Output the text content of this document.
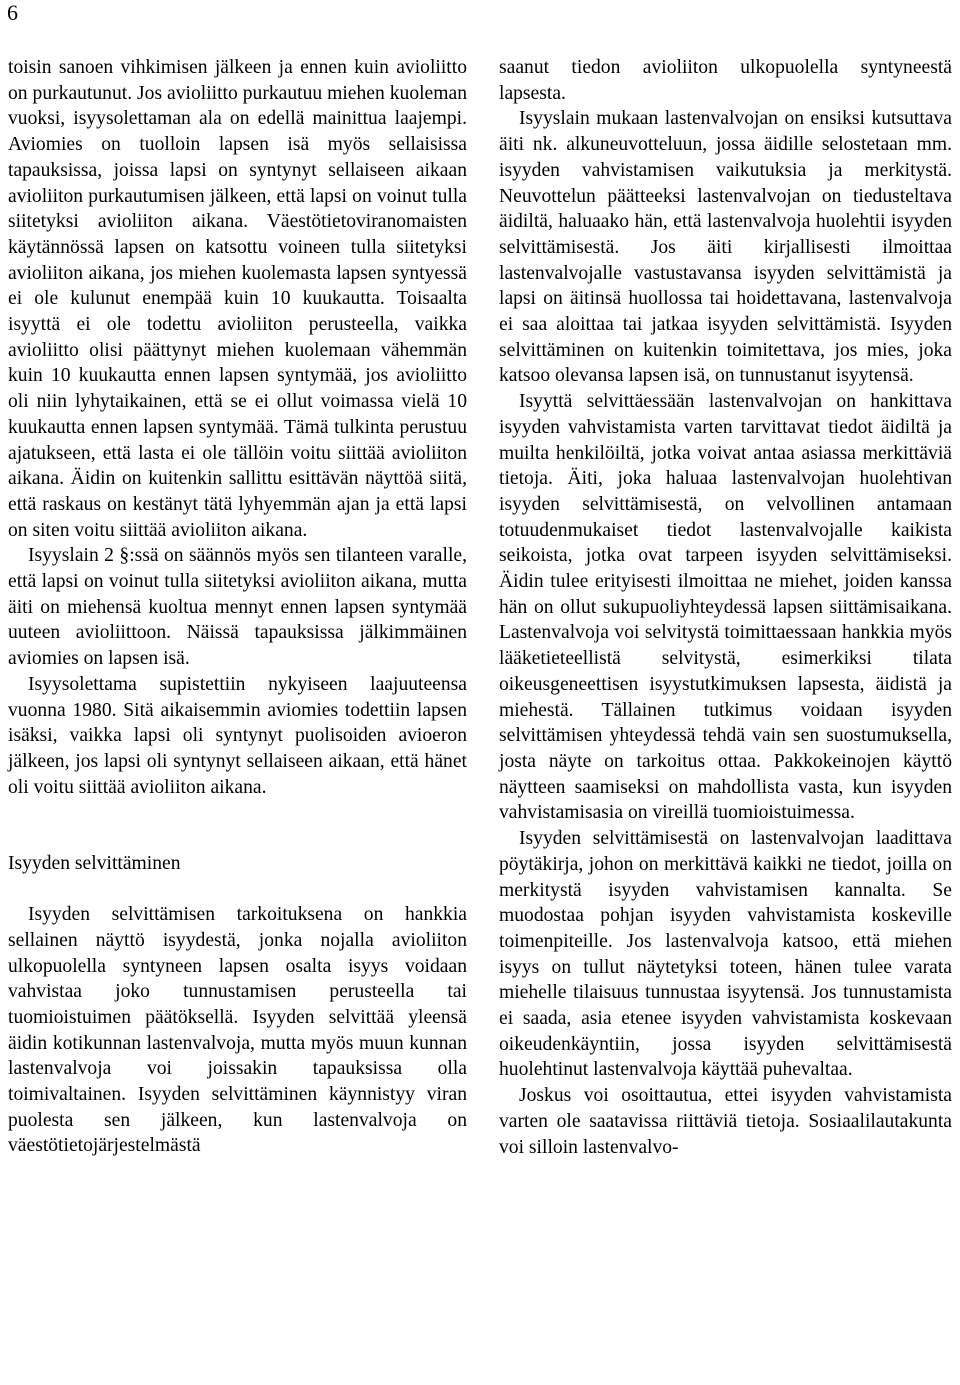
6

toisin sanoen vihkimisen jälkeen ja ennen kuin avioliitto on purkautunut. Jos avioliitto purkautuu miehen kuoleman vuoksi, isyysolettaman ala on edellä mainittua laajempi. Aviomies on tuolloin lapsen isä myös sellaisissa tapauksissa, joissa lapsi on syntynyt sellaiseen aikaan avioliiton purkautumisen jälkeen, että lapsi on voinut tulla siitetyksi avioliiton aikana. Väestötietoviranomaisten käytännössä lapsen on katsottu voineen tulla siitetyksi avioliiton aikana, jos miehen kuolemasta lapsen syntyessä ei ole kulunut enempää kuin 10 kuukautta. Toisaalta isyyttä ei ole todettu avioliiton perusteella, vaikka avioliitto olisi päättynyt miehen kuolemaan vähemmän kuin 10 kuukautta ennen lapsen syntymää, jos avioliitto oli niin lyhytaikainen, että se ei ollut voimassa vielä 10 kuukautta ennen lapsen syntymää. Tämä tulkinta perustuu ajatukseen, että lasta ei ole tällöin voitu siittää avioliiton aikana. Äidin on kuitenkin sallittu esittävän näyttöä siitä, että raskaus on kestänyt tätä lyhyemmän ajan ja että lapsi on siten voitu siittää avioliiton aikana.

Isyyslain 2 §:ssä on säännös myös sen tilanteen varalle, että lapsi on voinut tulla siitetyksi avioliiton aikana, mutta äiti on miehensä kuoltua mennyt ennen lapsen syntymää uuteen avioliittoon. Näissä tapauksissa jälkimmäinen aviomies on lapsen isä.

Isyysolettama supistettiin nykyiseen laajuuteensa vuonna 1980. Sitä aikaisemmin aviomies todettiin lapsen isäksi, vaikka lapsi oli syntynyt puolisoiden avioeron jälkeen, jos lapsi oli syntynyt sellaiseen aikaan, että hänet oli voitu siittää avioliiton aikana.

Isyyden selvittäminen

Isyyden selvittämisen tarkoituksena on hankkia sellainen näyttö isyydestä, jonka nojalla avioliiton ulkopuolella syntyneen lapsen osalta isyys voidaan vahvistaa joko tunnustamisen perusteella tai tuomioistuimen päätöksellä. Isyyden selvittää yleensä äidin kotikunnan lastenvalvoja, mutta myös muun kunnan lastenvalvoja voi joissakin tapauksissa olla toimivaltainen. Isyyden selvittäminen käynnistyy viran puolesta sen jälkeen, kun lastenvalvoja on väestötietojärjestelmästä

saanut tiedon avioliiton ulkopuolella syntyneestä lapsesta.

Isyyslain mukaan lastenvalvojan on ensiksi kutsuttava äiti nk. alkuneuvotteluun, jossa äidille selostetaan mm. isyyden vahvistamisen vaikutuksia ja merkitystä. Neuvottelun päätteeksi lastenvalvojan on tiedusteltava äidiltä, haluaako hän, että lastenvalvoja huolehtii isyyden selvittämisestä. Jos äiti kirjallisesti ilmoittaa lastenvalvojalle vastustavansa isyyden selvittämistä ja lapsi on äitinsä huollossa tai hoidettavana, lastenvalvoja ei saa aloittaa tai jatkaa isyyden selvittämistä. Isyyden selvittäminen on kuitenkin toimitettava, jos mies, joka katsoo olevansa lapsen isä, on tunnustanut isyytensä.

Isyyttä selvittäessään lastenvalvojan on hankittava isyyden vahvistamista varten tarvittavat tiedot äidiltä ja muilta henkilöiltä, jotka voivat antaa asiassa merkittäviä tietoja. Äiti, joka haluaa lastenvalvojan huolehtivan isyyden selvittämisestä, on velvollinen antamaan totuudenmukaiset tiedot lastenvalvojalle kaikista seikoista, jotka ovat tarpeen isyyden selvittämiseksi. Äidin tulee erityisesti ilmoittaa ne miehet, joiden kanssa hän on ollut sukupuoliyhteydessä lapsen siittämisaikana. Lastenvalvoja voi selvitystä toimittaessaan hankkia myös lääketieteellistä selvitystä, esimerkiksi tilata oikeusgeneettisen isyystutkimuksen lapsesta, äidistä ja miehestä. Tällainen tutkimus voidaan isyyden selvittämisen yhteydessä tehdä vain sen suostumuksella, josta näyte on tarkoitus ottaa. Pakkokeinojen käyttö näytteen saamiseksi on mahdollista vasta, kun isyyden vahvistamisasia on vireillä tuomioistuimessa.

Isyyden selvittämisestä on lastenvalvojan laadittava pöytäkirja, johon on merkittävä kaikki ne tiedot, joilla on merkitystä isyyden vahvistamisen kannalta. Se muodostaa pohjan isyyden vahvistamista koskeville toimenpiteille. Jos lastenvalvoja katsoo, että miehen isyys on tullut näytetyksi toteen, hänen tulee varata miehelle tilaisuus tunnustaa isyytensä. Jos tunnustamista ei saada, asia etenee isyyden vahvistamista koskevaan oikeudenkäyntiin, jossa isyyden selvittämisestä huolehtinut lastenvalvoja käyttää puhevaltaa.

Joskus voi osoittautua, ettei isyyden vahvistamista varten ole saatavissa riittäviä tietoja. Sosiaalilautakunta voi silloin lastenvalvo-
